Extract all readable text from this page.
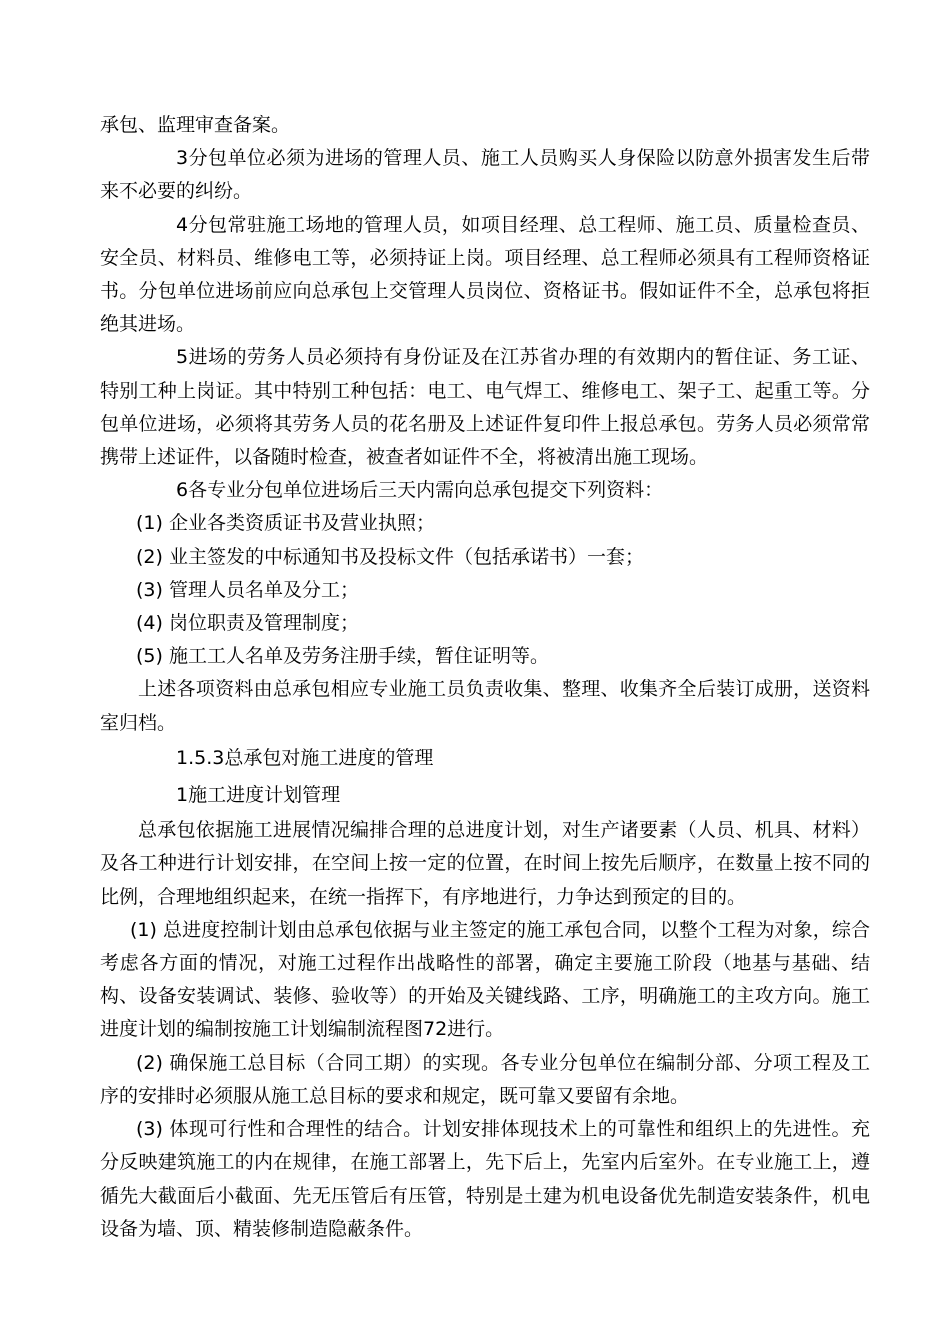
承包、监理审查备案。

3分包单位必须为进场的管理人员、施工人员购买人身保险以防意外损害发生后带来不必要的纠纷。

4分包常驻施工场地的管理人员，如项目经理、总工程师、施工员、质量检查员、安全员、材料员、维修电工等，必须持证上岗。项目经理、总工程师必须具有工程师资格证书。分包单位进场前应向总承包上交管理人员岗位、资格证书。假如证件不全，总承包将拒绝其进场。

5进场的劳务人员必须持有身份证及在江苏省办理的有效期内的暂住证、务工证、特别工种上岗证。其中特别工种包括：电工、电气焊工、维修电工、架子工、起重工等。分包单位进场，必须将其劳务人员的花名册及上述证件复印件上报总承包。劳务人员必须常常携带上述证件，以备随时检查，被查者如证件不全，将被清出施工现场。

6各专业分包单位进场后三天内需向总承包提交下列资料：

(1) 企业各类资质证书及营业执照；

(2) 业主签发的中标通知书及投标文件（包括承诺书）一套；

(3) 管理人员名单及分工；

(4) 岗位职责及管理制度；

(5) 施工工人名单及劳务注册手续，暂住证明等。

上述各项资料由总承包相应专业施工员负责收集、整理、收集齐全后装订成册，送资料室归档。

1.5.3总承包对施工进度的管理

1施工进度计划管理

总承包依据施工进展情况编排合理的总进度计划，对生产诸要素（人员、机具、材料）及各工种进行计划安排，在空间上按一定的位置，在时间上按先后顺序，在数量上按不同的比例，合理地组织起来，在统一指挥下，有序地进行，力争达到预定的目的。

(1) 总进度控制计划由总承包依据与业主签定的施工承包合同，以整个工程为对象，综合考虑各方面的情况，对施工过程作出战略性的部署，确定主要施工阶段（地基与基础、结构、设备安装调试、装修、验收等）的开始及关键线路、工序，明确施工的主攻方向。施工进度计划的编制按施工计划编制流程图72进行。

(2) 确保施工总目标（合同工期）的实现。各专业分包单位在编制分部、分项工程及工序的安排时必须服从施工总目标的要求和规定，既可靠又要留有余地。

(3) 体现可行性和合理性的结合。计划安排体现技术上的可靠性和组织上的先进性。充分反映建筑施工的内在规律，在施工部署上，先下后上，先室内后室外。在专业施工上，遵循先大截面后小截面、先无压管后有压管，特别是土建为机电设备优先制造安装条件，机电设备为墙、顶、精装修制造隐蔽条件。
